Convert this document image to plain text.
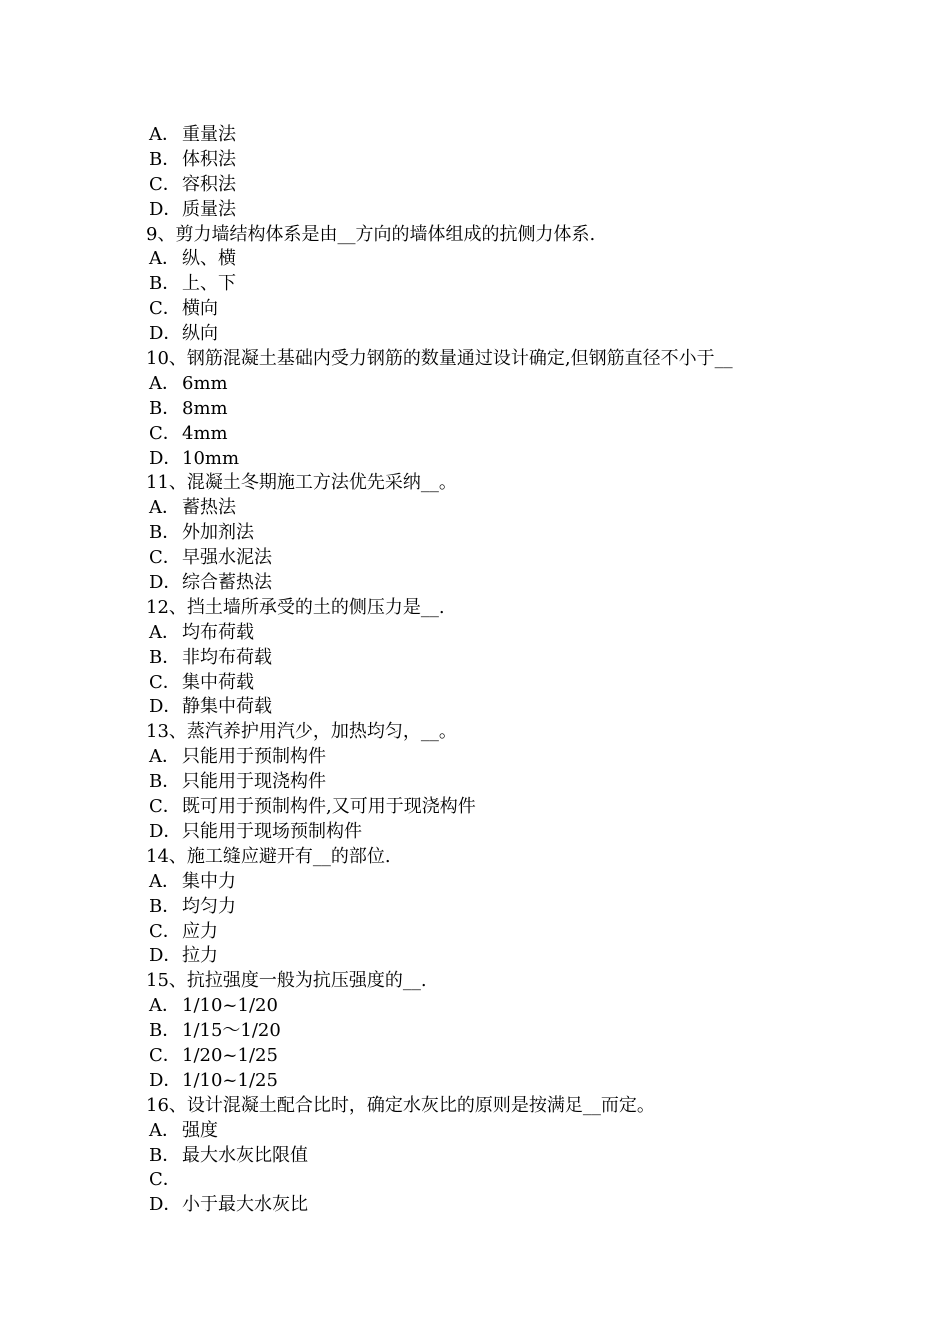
A． 重量法
B．体积法
C．容积法
D．质量法
9、剪力墙结构体系是由__方向的墙体组成的抗侧力体系.
A． 纵、横
B．上、下
C．横向
D．纵向
10、钢筋混凝土基础内受力钢筋的数量通过设计确定,但钢筋直径不小于__
A． 6mm
B．8mm
C．4mm
D．10mm
11、混凝土冬期施工方法优先采纳__。
A． 蓄热法
B．外加剂法
C．早强水泥法
D．综合蓄热法
12、挡土墙所承受的土的侧压力是__.
A． 均布荷载
B．非均布荷载
C．集中荷载
D．静集中荷载
13、蒸汽养护用汽少，加热均匀，__。
A． 只能用于预制构件
B．只能用于现浇构件
C．既可用于预制构件,又可用于现浇构件
D．只能用于现场预制构件
14、施工缝应避开有__的部位.
A． 集中力
B．均匀力
C．应力
D．拉力
15、抗拉强度一般为抗压强度的__.
A． 1/10~1/20
B．1/15～1/20
C．1/20~1/25
D．1/10~1/25
16、设计混凝土配合比时，确定水灰比的原则是按满足__而定。
A． 强度
B．最大水灰比限值
C．
D．小于最大水灰比
